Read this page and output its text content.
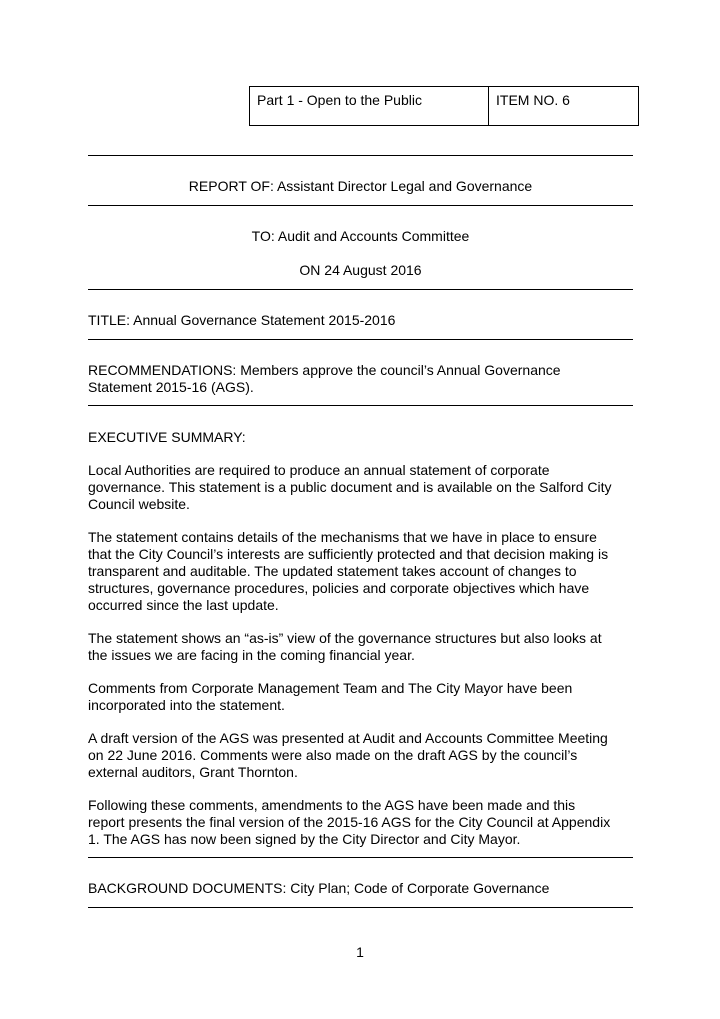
Part 1 - Open to the Public	ITEM NO. 6
REPORT OF: Assistant Director Legal and Governance
TO: Audit and Accounts Committee
ON 24 August 2016
TITLE: Annual Governance Statement 2015-2016
RECOMMENDATIONS: Members approve the council’s Annual Governance
Statement 2015-16 (AGS).
EXECUTIVE SUMMARY:
Local Authorities are required to produce an annual statement of corporate
governance. This statement is a public document and is available on the Salford City
Council website.
The statement contains details of the mechanisms that we have in place to ensure
that the City Council’s interests are sufficiently protected and that decision making is
transparent and auditable. The updated statement takes account of changes to
structures, governance procedures, policies and corporate objectives which have
occurred since the last update.
The statement shows an “as-is” view of the governance structures but also looks at
the issues we are facing in the coming financial year.
Comments from Corporate Management Team and The City Mayor have been
incorporated into the statement.
A draft version of the AGS was presented at Audit and Accounts Committee Meeting
on 22 June 2016. Comments were also made on the draft AGS by the council’s
external auditors, Grant Thornton.
Following these comments, amendments to the AGS have been made and this
report presents the final version of the 2015-16 AGS for the City Council at Appendix
1. The AGS has now been signed by the City Director and City Mayor.
BACKGROUND DOCUMENTS: City Plan; Code of Corporate Governance
1
